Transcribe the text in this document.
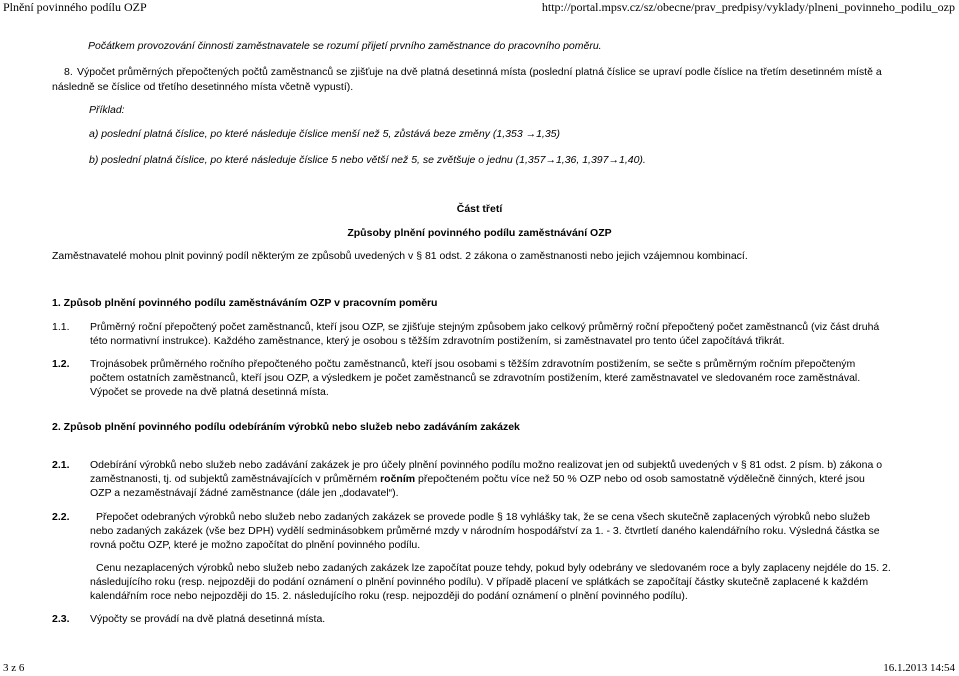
Plnění povinného podílu OZP	http://portal.mpsv.cz/sz/obecne/prav_predpisy/vyklady/plneni_povinneho_podilu_ozp
Počátkem provozování činnosti zaměstnavatele se rozumí přijetí prvního zaměstnance do pracovního poměru.
8. Výpočet průměrných přepočtených počtů zaměstnanců se zjišťuje na dvě platná desetinná místa (poslední platná číslice se upraví podle číslice na třetím desetinném místě a
následně se číslice od třetího desetinného místa včetně vypustí).
Příklad:
a) poslední platná číslice, po které následuje číslice menší než 5, zůstává beze změny (1,353 →1,35)
b) poslední platná číslice, po které následuje číslice 5 nebo větší než 5, se zvětšuje o jednu (1,357→1,36, 1,397→1,40).
Část třetí
Způsoby plnění povinného podílu zaměstnávání OZP
Zaměstnavatelé mohou plnit povinný podíl některým ze způsobů uvedených v § 81 odst. 2 zákona o zaměstnanosti nebo jejich vzájemnou kombinací.
1. Způsob plnění povinného podílu zaměstnáváním OZP v pracovním poměru
1.1. Průměrný roční přepočtený počet zaměstnanců, kteří jsou OZP, se zjišťuje stejným způsobem jako celkový průměrný roční přepočtený počet zaměstnanců (viz část druhá
této normativní instrukce). Každého zaměstnance, který je osobou s těžším zdravotním postižením, si zaměstnavatel pro tento účel započítává třikrát.
1.2. Trojnásobek průměrného ročního přepočteného počtu zaměstnanců, kteří jsou osobami s těžším zdravotním postižením, se sečte s průměrným ročním přepočteným
počtem ostatních zaměstnanců, kteří jsou OZP, a výsledkem je počet zaměstnanců se zdravotním postižením, které zaměstnavatel ve sledovaném roce zaměstnával.
Výpočet se provede na dvě platná desetinná místa.
2. Způsob plnění povinného podílu odebíráním výrobků nebo služeb nebo zadáváním zakázek
2.1. Odebírání výrobků nebo služeb nebo zadávání zakázek je pro účely plnění povinného podílu možno realizovat jen od subjektů uvedených v § 81 odst. 2 písm. b) zákona o
zaměstnanosti, tj. od subjektů zaměstnávajících v průměrném ročním přepočteném počtu více než 50 % OZP nebo od osob samostatně výdělečně činných, které jsou
OZP a nezaměstnávají žádné zaměstnance (dále jen „dodavatel“).
2.2.	Přepočet odebraných výrobků nebo služeb nebo zadaných zakázek se provede podle § 18 vyhlášky tak, že se cena všech skutečně zaplacených výrobků nebo služeb
nebo zadaných zakázek (vše bez DPH) vydělí sedminásobkem průměrné mzdy v národním hospodářství za 1. - 3. čtvrtletí daného kalendářního roku. Výsledná částka se
rovná počtu OZP, které je možno započítat do plnění povinného podílu.
Cenu nezaplacených výrobků nebo služeb nebo zadaných zakázek lze započítat pouze tehdy, pokud byly odebrány ve sledovaném roce a byly zaplaceny nejdéle do 15. 2.
následujícího roku (resp. nejpozději do podání oznámení o plnění povinného podílu). V případě placení ve splátkách se započítají částky skutečně zaplacené k každém
kalendářním roce nebo nejpozději do 15. 2. následujícího roku (resp. nejpozději do podání oznámení o plnění povinného podílu).
2.3. Výpočty se provádí na dvě platná desetinná místa.
3 z 6	16.1.2013 14:54
